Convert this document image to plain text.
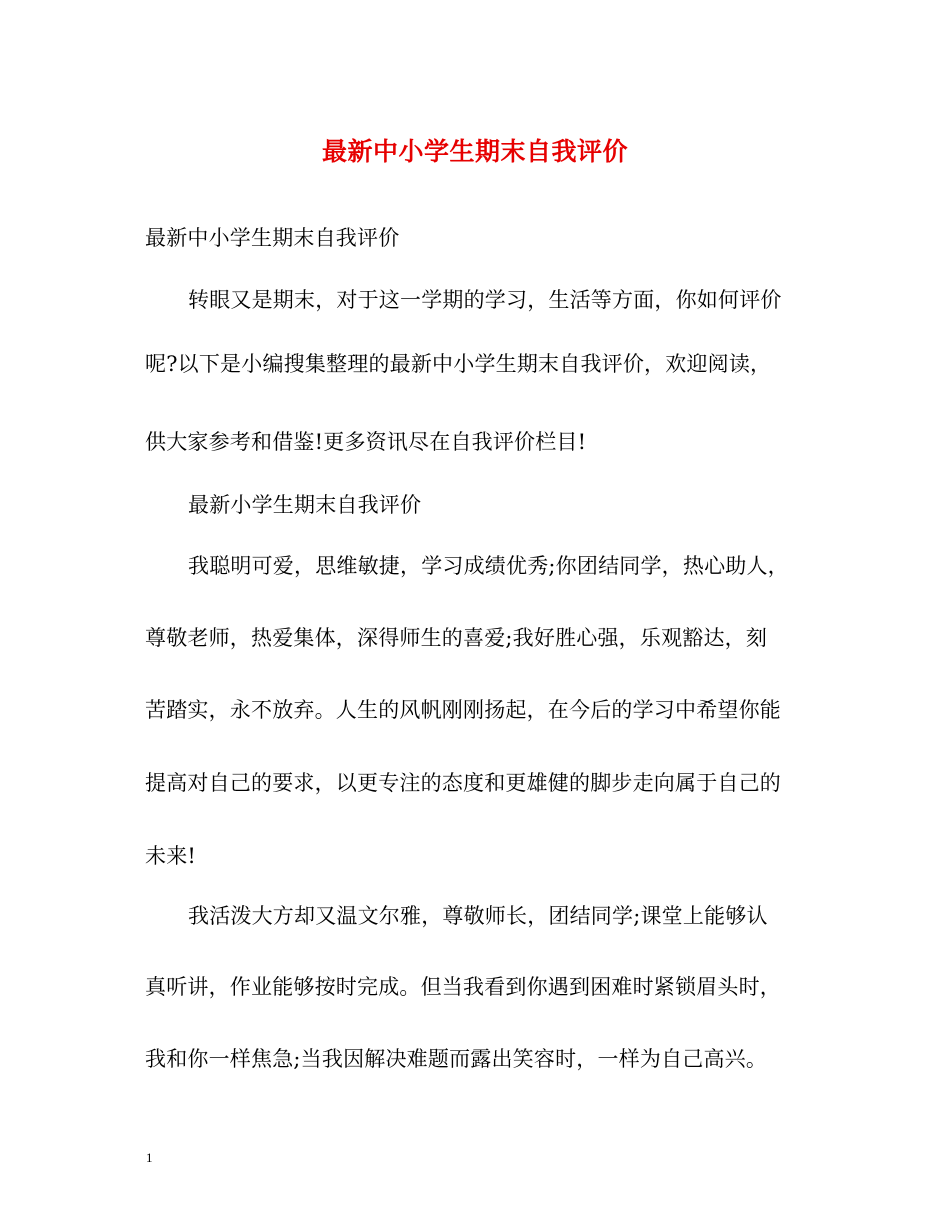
最新中小学生期末自我评价
最新中小学生期末自我评价
转眼又是期末，对于这一学期的学习，生活等方面，你如何评价
呢?以下是小编搜集整理的最新中小学生期末自我评价，欢迎阅读，
供大家参考和借鉴!更多资讯尽在自我评价栏目!
最新小学生期末自我评价
我聪明可爱，思维敏捷，学习成绩优秀;你团结同学，热心助人，
尊敬老师，热爱集体，深得师生的喜爱;我好胜心强，乐观豁达，刻
苦踏实，永不放弃。人生的风帆刚刚扬起，在今后的学习中希望你能
提高对自己的要求，以更专注的态度和更雄健的脚步走向属于自己的
未来!
我活泼大方却又温文尔雅，尊敬师长，团结同学;课堂上能够认
真听讲，作业能够按时完成。但当我看到你遇到困难时紧锁眉头时，
我和你一样焦急;当我因解决难题而露出笑容时，一样为自己高兴。
1
